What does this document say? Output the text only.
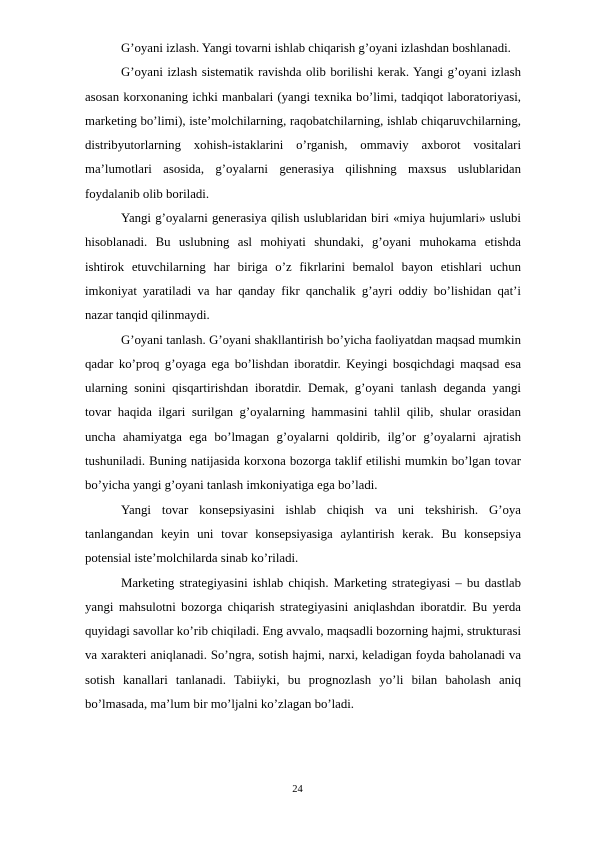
G’oyani izlash. Yangi tovarni ishlab chiqarish g’oyani izlashdan boshlanadi.

G’oyani izlash sistematik ravishda olib borilishi kerak. Yangi g’oyani izlash asosan korxonaning ichki manbalari (yangi texnika bo’limi, tadqiqot laboratoriyasi, marketing bo’limi), iste’molchilarning, raqobatchilarning, ishlab chiqaruvchilarning, distribyutorlarning xohish-istaklarini o’rganish, ommaviy axborot vositalari ma’lumotlari asosida, g’oyalarni generasiya qilishning maxsus uslublaridan foydalanib olib boriladi.

Yangi g’oyalarni generasiya qilish uslublaridan biri «miya hujumlari» uslubi hisoblanadi. Bu uslubning asl mohiyati shundaki, g’oyani muhokama etishda ishtirok etuvchilarning har biriga o’z fikrlarini bemalol bayon etishlari uchun imkoniyat yaratiladi va har qanday fikr qanchalik g’ayri oddiy bo’lishidan qat’i nazar tanqid qilinmaydi.

G’oyani tanlash. G’oyani shakllantirish bo’yicha faoliyatdan maqsad mumkin qadar ko’proq g’oyaga ega bo’lishdan iboratdir. Keyingi bosqichdagi maqsad esa ularning sonini qisqartirishdan iboratdir. Demak, g’oyani tanlash deganda yangi tovar haqida ilgari surilgan g’oyalarning hammasini tahlil qilib, shular orasidan uncha ahamiyatga ega bo’lmagan g’oyalarni qoldirib, ilg’or g’oyalarni ajratish tushuniladi. Buning natijasida korxona bozorga taklif etilishi mumkin bo’lgan tovar bo’yicha yangi g’oyani tanlash imkoniyatiga ega bo’ladi.

Yangi tovar konsepsiyasini ishlab chiqish va uni tekshirish. G’oya tanlangandan keyin uni tovar konsepsiyasiga aylantirish kerak. Bu konsepsiya potensial iste’molchilarda sinab ko’riladi.

Marketing strategiyasini ishlab chiqish. Marketing strategiyasi – bu dastlab yangi mahsulotni bozorga chiqarish strategiyasini aniqlashdan iboratdir. Bu yerda quyidagi savollar ko’rib chiqiladi. Eng avvalo, maqsadli bozorning hajmi, strukturasi va xarakteri aniqlanadi. So’ngra, sotish hajmi, narxi, keladigan foyda baholanadi va sotish kanallari tanlanadi. Tabiiyki, bu prognozlash yo’li bilan baholash aniq bo’lmasada, ma’lum bir mo’ljalni ko’zlagan bo’ladi.

24
